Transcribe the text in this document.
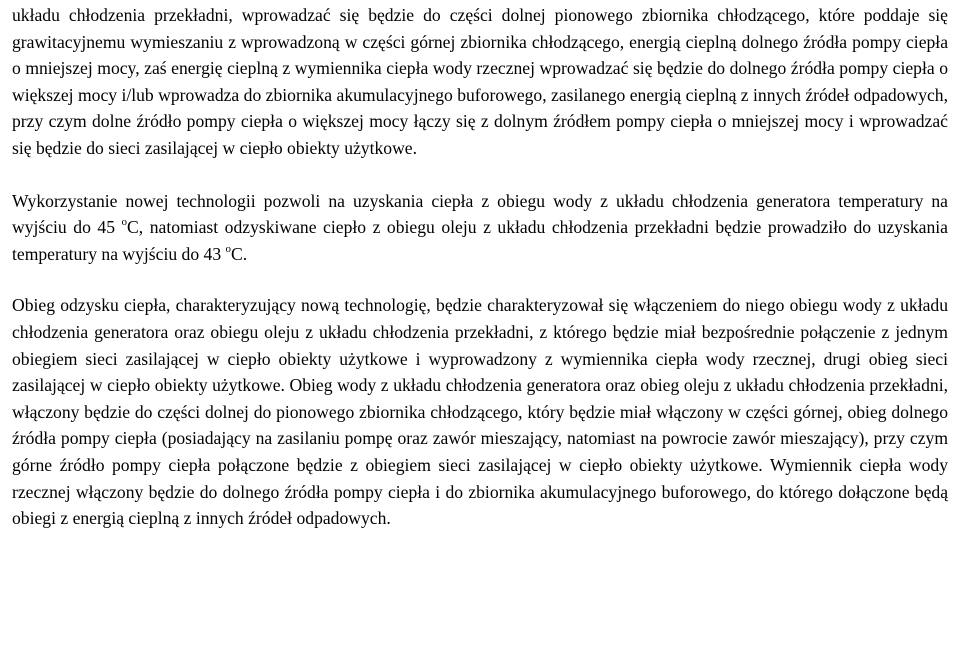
układu chłodzenia przekładni, wprowadzać się będzie do części dolnej pionowego zbiornika chłodzącego, które poddaje się grawitacyjnemu wymieszaniu z wprowadzoną w części górnej zbiornika chłodzącego, energią cieplną dolnego źródła pompy ciepła o mniejszej mocy, zaś energię cieplną z wymiennika ciepła wody rzecznej wprowadzać się będzie do dolnego źródła pompy ciepła o większej mocy i/lub wprowadza do zbiornika akumulacyjnego buforowego, zasilanego energią cieplną z innych źródeł odpadowych, przy czym dolne źródło pompy ciepła o większej mocy łączy się z dolnym źródłem pompy ciepła o mniejszej mocy i wprowadzać się będzie do sieci zasilającej w ciepło obiekty użytkowe.

Wykorzystanie nowej technologii pozwoli na uzyskania ciepła z obiegu wody z układu chłodzenia generatora temperatury na wyjściu do 45 $^o$C, natomiast odzyskiwane ciepło z obiegu oleju z układu chłodzenia przekładni będzie prowadziło do uzyskania temperatury na wyjściu do 43 $^o$C.

Obieg odzysku ciepła, charakteryzujący nową technologię, będzie charakteryzował się włączeniem do niego obiegu wody z układu chłodzenia generatora oraz obiegu oleju z układu chłodzenia przekładni, z którego będzie miał bezpośrednie połączenie z jednym obiegiem sieci zasilającej w ciepło obiekty użytkowe i wyprowadzony z wymiennika ciepła wody rzecznej, drugi obieg sieci zasilającej w ciepło obiekty użytkowe. Obieg wody z układu chłodzenia generatora oraz obieg oleju z układu chłodzenia przekładni, włączony będzie do części dolnej do pionowego zbiornika chłodzącego, który będzie miał włączony w części górnej, obieg dolnego źródła pompy ciepła (posiadający na zasilaniu pompę oraz zawór mieszający, natomiast na powrocie zawór mieszający), przy czym górne źródło pompy ciepła połączone będzie z obiegiem sieci zasilającej w ciepło obiekty użytkowe. Wymiennik ciepła wody rzecznej włączony będzie do dolnego źródła pompy ciepła i do zbiornika akumulacyjnego buforowego, do którego dołączone będą obiegi z energią cieplną z innych źródeł odpadowych.
